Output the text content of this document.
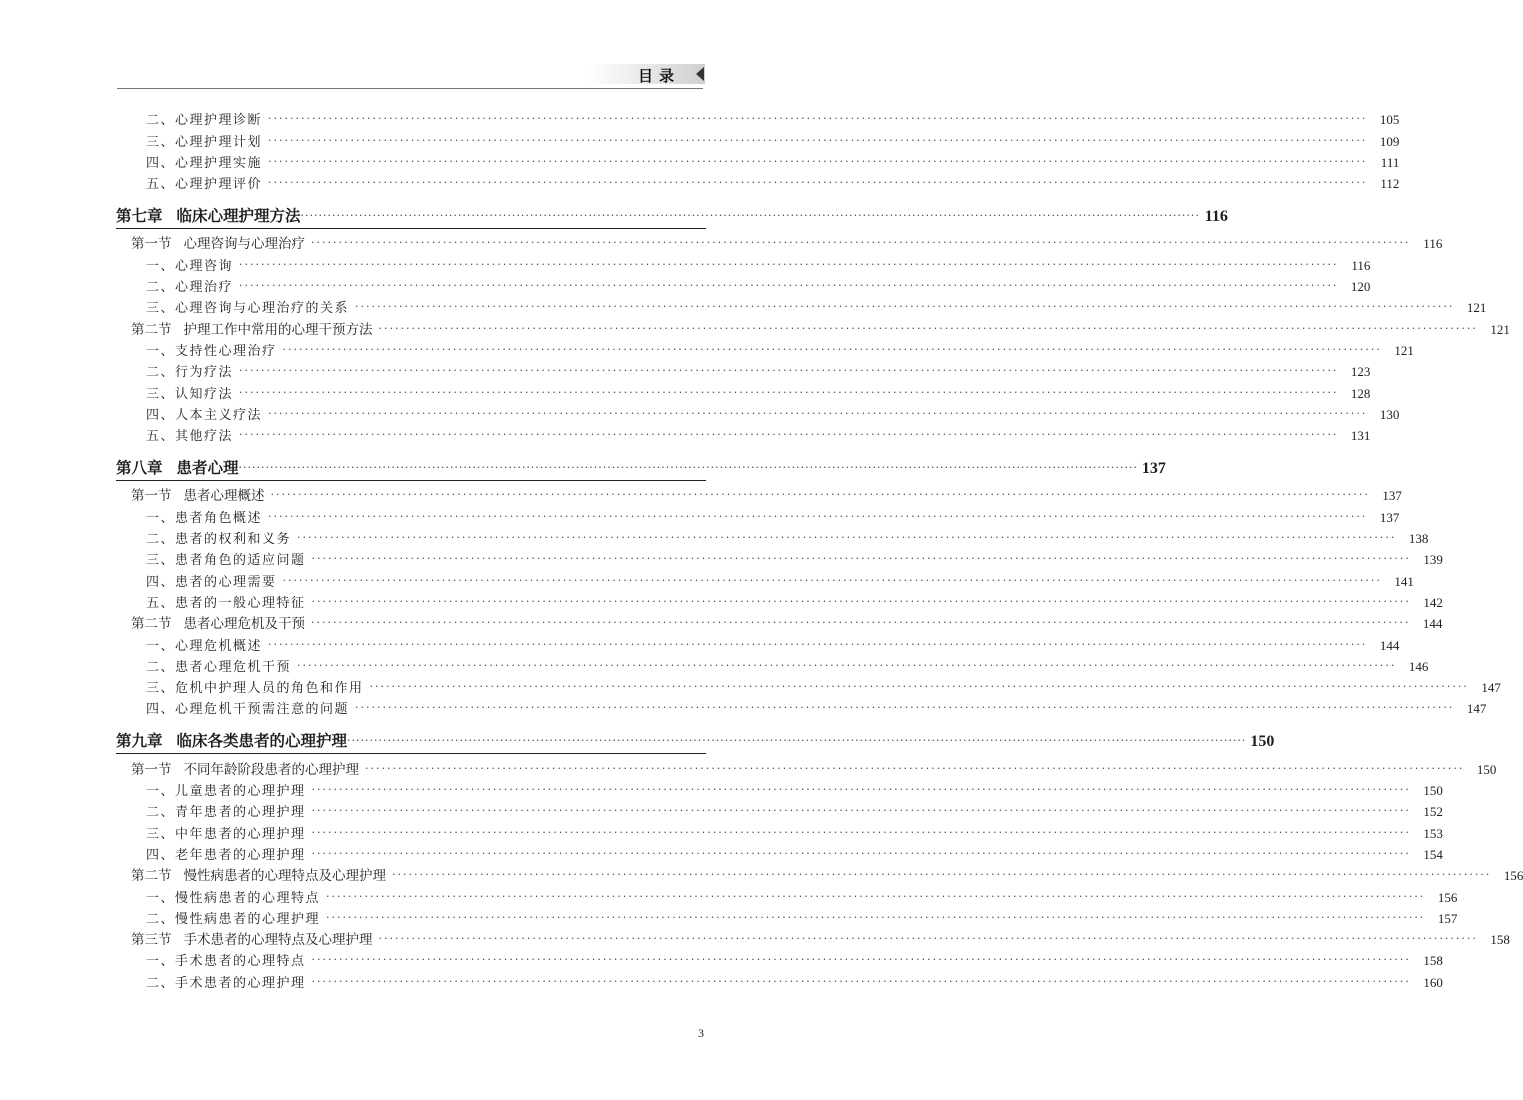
目录
二、心理护理诊断 ········································································································································································································ 105
三、心理护理计划 ········································································································································································································ 109
四、心理护理实施 ········································································································································································································	111
五、心理护理评价 ········································································································································································································ 112
第七章 临床心理护理方法 ········································································································································································································ 116
第一节 心理咨询与心理治疗 ········································································································································································································ 116
一、心理咨询 ········································································································································································································ 116
二、心理治疗 ········································································································································································································ 120
三、心理咨询与心理治疗的关系 ········································································································································································································ 121
第二节 护理工作中常用的心理干预方法 ········································································································································································································ 121
一、支持性心理治疗 ········································································································································································································ 121
二、行为疗法 ········································································································································································································ 123
三、认知疗法 ········································································································································································································ 128
四、人本主义疗法 ········································································································································································································ 130
五、其他疗法 ········································································································································································································ 131
第八章 患者心理 ········································································································································································································ 137
第一节 患者心理概述 ········································································································································································································ 137
一、患者角色概述 ········································································································································································································ 137
二、患者的权利和义务 ········································································································································································································ 138
三、患者角色的适应问题 ········································································································································································································ 139
四、患者的心理需要 ········································································································································································································ 141
五、患者的一般心理特征 ········································································································································································································ 142
第二节 患者心理危机及干预 ········································································································································································································ 144
一、心理危机概述 ········································································································································································································ 144
二、患者心理危机干预 ········································································································································································································ 146
三、危机中护理人员的角色和作用 ········································································································································································································ 147
四、心理危机干预需注意的问题 ········································································································································································································ 147
第九章 临床各类患者的心理护理 ········································································································································································································ 150
第一节 不同年龄阶段患者的心理护理 ········································································································································································································ 150
一、儿童患者的心理护理 ········································································································································································································ 150
二、青年患者的心理护理 ········································································································································································································ 152
三、中年患者的心理护理 ········································································································································································································ 153
四、老年患者的心理护理 ········································································································································································································ 154
第二节 慢性病患者的心理特点及心理护理 ········································································································································································································ 156
一、慢性病患者的心理特点 ········································································································································································································ 156
二、慢性病患者的心理护理 ········································································································································································································ 157
第三节 手术患者的心理特点及心理护理 ········································································································································································································ 158
一、手术患者的心理特点 ········································································································································································································ 158
二、手术患者的心理护理 ········································································································································································································ 160
3
